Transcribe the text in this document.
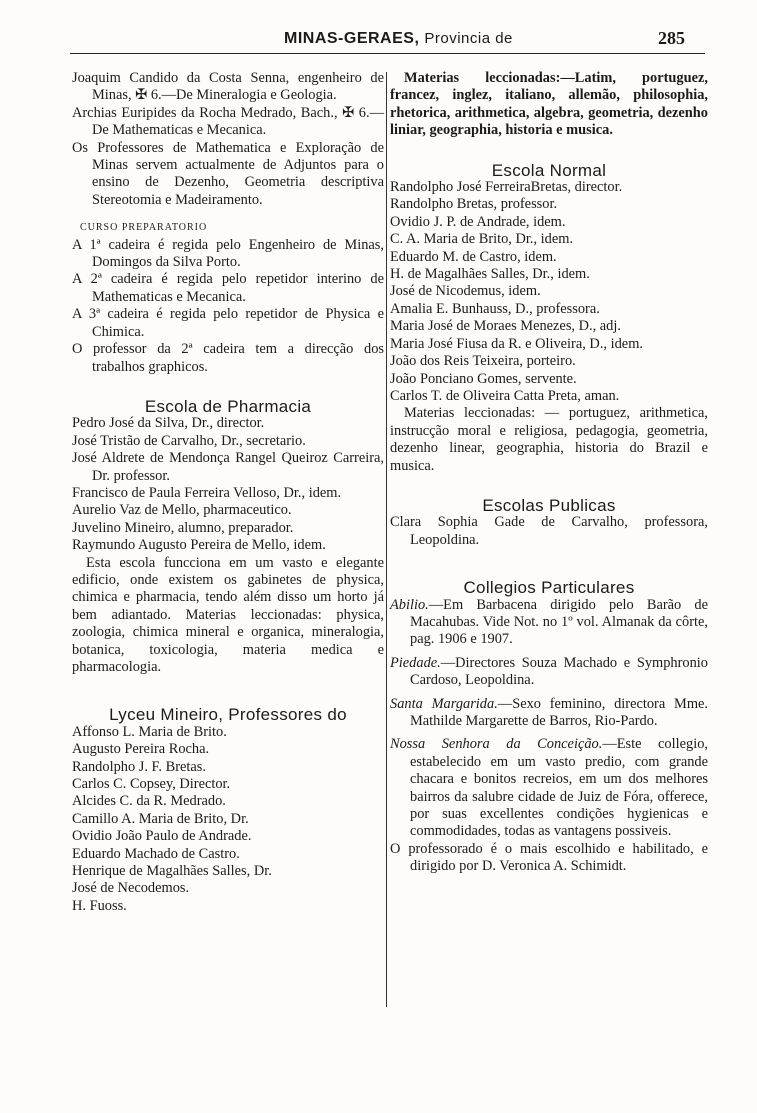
MINAS-GERAES, Provincia de	285

Joaquim Candido da Costa Senna, engenheiro de Minas, ✠ 6.—De Mineralogia e Geologia.

Archias Euripides da Rocha Medrado, Bach., ✠ 6.—De Mathematicas e Mecanica.

Os Professores de Mathematica e Exploração de Minas servem actualmente de Adjuntos para o ensino de Dezenho, Geometria descriptiva Stereotomia e Madeiramento.

CURSO PREPARATORIO

A 1ª cadeira é regida pelo Engenheiro de Minas, Domingos da Silva Porto.

A 2ª cadeira é regida pelo repetidor interino de Mathematicas e Mecanica.

A 3ª cadeira é regida pelo repetidor de Physica e Chimica.

O professor da 2ª cadeira tem a direcção dos trabalhos graphicos.

Escola de Pharmacia

Pedro José da Silva, Dr., director.

José Tristão de Carvalho, Dr., secretario.

José Aldrete de Mendonça Rangel Queiroz Carreira, Dr. professor.

Francisco de Paula Ferreira Velloso, Dr., idem.

Aurelio Vaz de Mello, pharmaceutico.

Juvelino Mineiro, alumno, preparador.

Raymundo Augusto Pereira de Mello, idem.

Esta escola funcciona em um vasto e elegante edificio, onde existem os gabinetes de physica, chimica e pharmacia, tendo além disso um horto já bem adiantado. Materias leccionadas: physica, zoologia, chimica mineral e organica, mineralogia, botanica, toxicologia, materia medica e pharmacologia.

Lyceu Mineiro, Professores do

Affonso L. Maria de Brito.

Augusto Pereira Rocha.

Randolpho J. F. Bretas.

Carlos C. Copsey, Director.

Alcides C. da R. Medrado.

Camillo A. Maria de Brito, Dr.

Ovidio João Paulo de Andrade.

Eduardo Machado de Castro.

Henrique de Magalhães Salles, Dr.

José de Necodemos.

H. Fuoss.

Materias leccionadas:—Latim, portuguez, francez, inglez, italiano, allemão, philosophia, rhetorica, arithmetica, algebra, geometria, dezenho liniar, geographia, historia e musica.

Escola Normal

Randolpho José FerreiraBretas, director.

Randolpho Bretas, professor.

Ovidio J. P. de Andrade, idem.

C. A. Maria de Brito, Dr., idem.

Eduardo M. de Castro, idem.

H. de Magalhães Salles, Dr., idem.

José de Nicodemus, idem.

Amalia E. Bunhauss, D., professora.

Maria José de Moraes Menezes, D., adj.

Maria José Fiusa da R. e Oliveira, D., idem.

João dos Reis Teixeira, porteiro.

João Ponciano Gomes, servente.

Carlos T. de Oliveira Catta Preta, aman.

Materias leccionadas: — portuguez, arithmetica, instrucção moral e religiosa, pedagogia, geometria, dezenho linear, geographia, historia do Brazil e musica.

Escolas Publicas

Clara Sophia Gade de Carvalho, professora, Leopoldina.

Collegios Particulares

Abilio.—Em Barbacena dirigido pelo Barão de Macahubas. Vide Not. no 1º vol. Almanak da côrte, pag. 1906 e 1907.

Piedade.—Directores Souza Machado e Symphronio Cardoso, Leopoldina.

Santa Margarida.—Sexo feminino, directora Mme. Mathilde Margarette de Barros, Rio-Pardo.

Nossa Senhora da Conceição.—Este collegio, estabelecido em um vasto predio, com grande chacara e bonitos recreios, em um dos melhores bairros da salubre cidade de Juiz de Fóra, offerece, por suas excellentes condições hygienicas e commodidades, todas as vantagens possiveis.

O professorado é o mais escolhido e habilitado, e dirigido por D. Veronica A. Schimidt.
